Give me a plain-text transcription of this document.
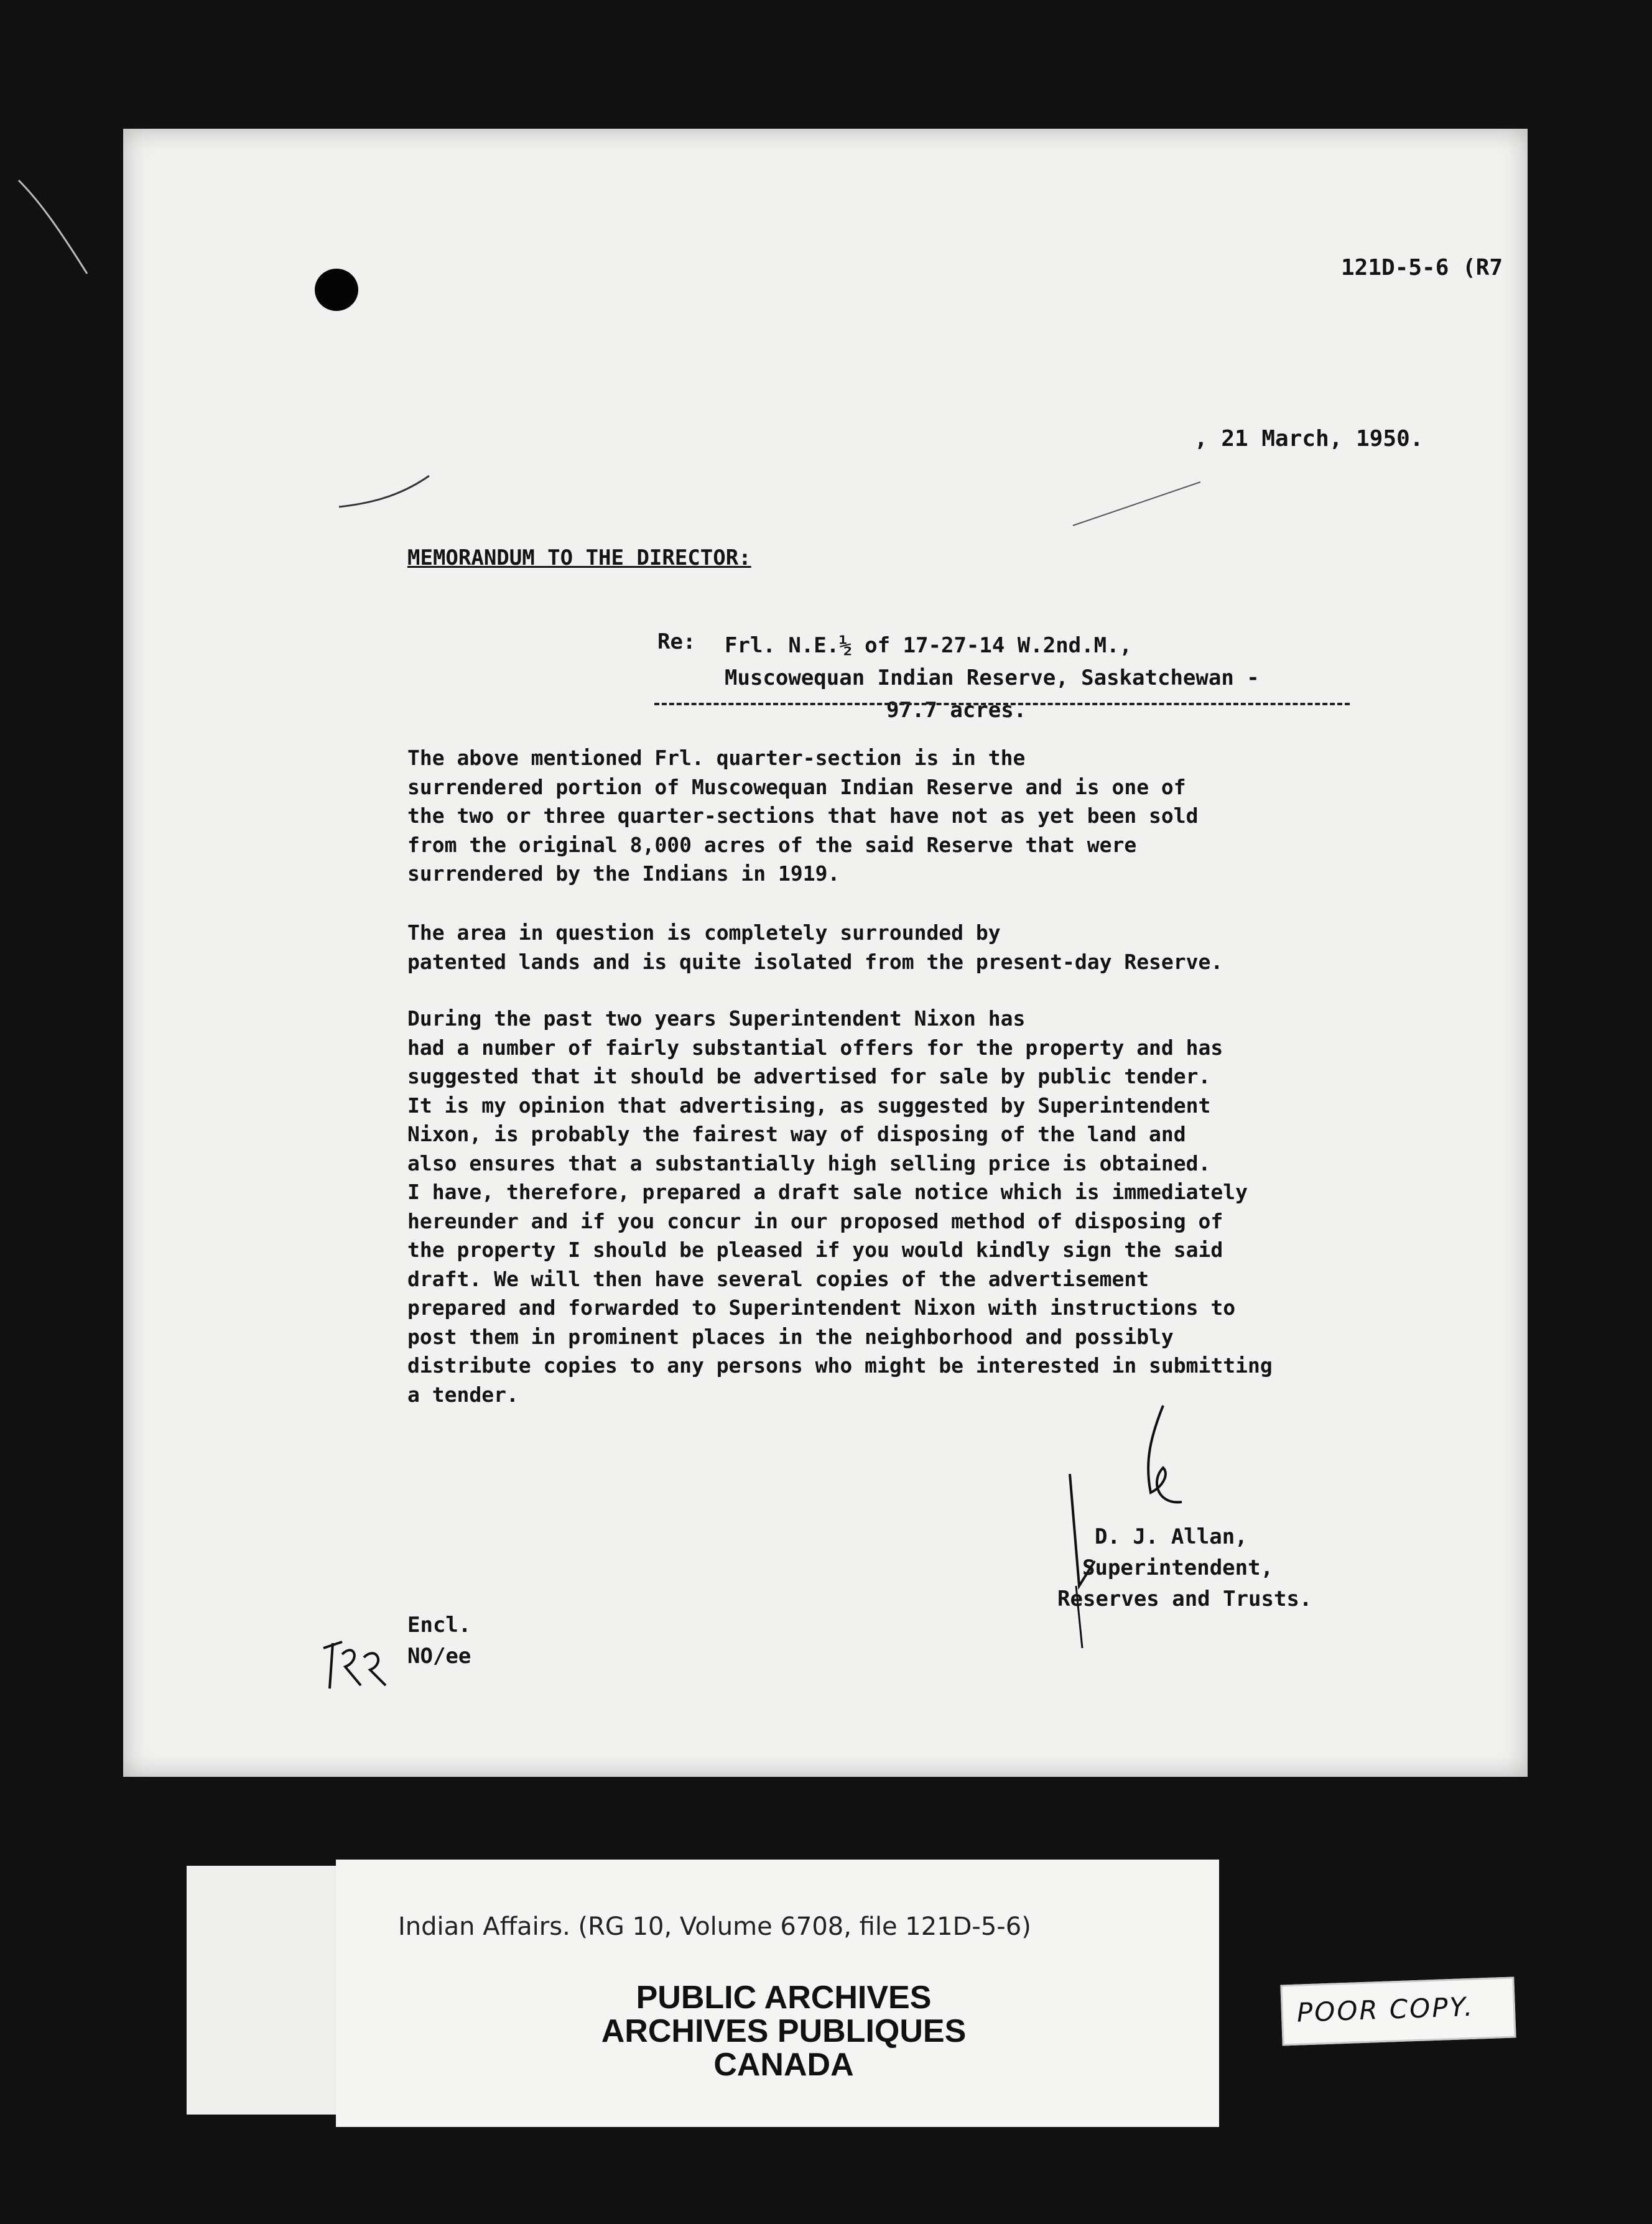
121D-5-6 (R7
, 21 March, 1950.
MEMORANDUM TO THE DIRECTOR:
Re: Frl. N.E.½ of 17-27-14 W.2nd.M.,
Muscowequan Indian Reserve, Saskatchewan -
97.7 acres.
The above mentioned Frl. quarter-section is in the
surrendered portion of Muscowequan Indian Reserve and is one of
the two or three quarter-sections that have not as yet been sold
from the original 8,000 acres of the said Reserve that were
surrendered by the Indians in 1919.
The area in question is completely surrounded by
patented lands and is quite isolated from the present-day Reserve.
During the past two years Superintendent Nixon has
had a number of fairly substantial offers for the property and has
suggested that it should be advertised for sale by public tender.
It is my opinion that advertising, as suggested by Superintendent
Nixon, is probably the fairest way of disposing of the land and
also ensures that a substantially high selling price is obtained.
I have, therefore, prepared a draft sale notice which is immediately
hereunder and if you concur in our proposed method of disposing of
the property I should be pleased if you would kindly sign the said
draft. We will then have several copies of the advertisement
prepared and forwarded to Superintendent Nixon with instructions to
post them in prominent places in the neighborhood and possibly
distribute copies to any persons who might be interested in submitting
a tender.
D. J. Allan,
Superintendent,
Reserves and Trusts.
Encl.
NO/ee
Indian Affairs. (RG 10, Volume 6708, file 121D-5-6)
PUBLIC ARCHIVES
ARCHIVES PUBLIQUES
CANADA
POOR COPY.
